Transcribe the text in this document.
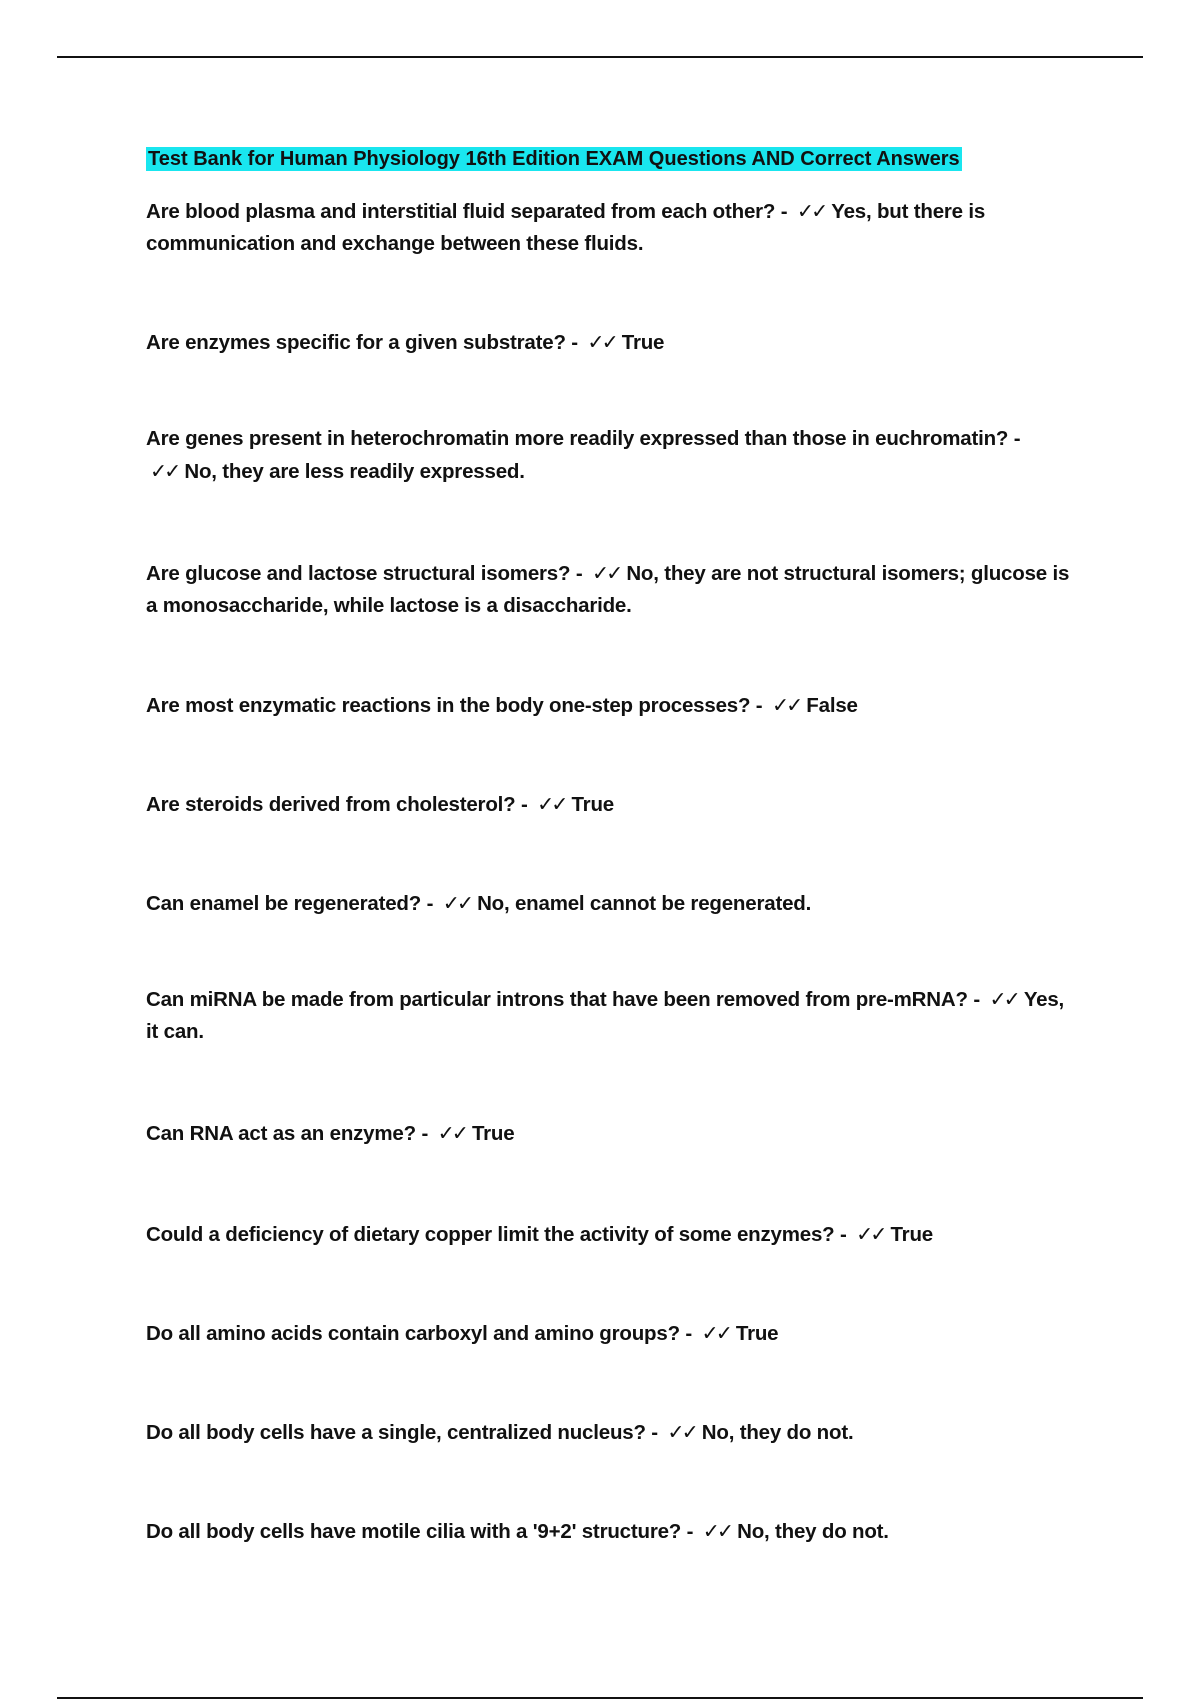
Test Bank for Human Physiology 16th Edition EXAM Questions AND Correct Answers
Are blood plasma and interstitial fluid separated from each other? - ✓✓ Yes, but there is communication and exchange between these fluids.
Are enzymes specific for a given substrate? - ✓✓ True
Are genes present in heterochromatin more readily expressed than those in euchromatin? - ✓✓ No, they are less readily expressed.
Are glucose and lactose structural isomers? - ✓✓ No, they are not structural isomers; glucose is a monosaccharide, while lactose is a disaccharide.
Are most enzymatic reactions in the body one-step processes? - ✓✓ False
Are steroids derived from cholesterol? - ✓✓ True
Can enamel be regenerated? - ✓✓ No, enamel cannot be regenerated.
Can miRNA be made from particular introns that have been removed from pre-mRNA? - ✓✓ Yes, it can.
Can RNA act as an enzyme? - ✓✓ True
Could a deficiency of dietary copper limit the activity of some enzymes? - ✓✓ True
Do all amino acids contain carboxyl and amino groups? - ✓✓ True
Do all body cells have a single, centralized nucleus? - ✓✓ No, they do not.
Do all body cells have motile cilia with a '9+2' structure? - ✓✓ No, they do not.
